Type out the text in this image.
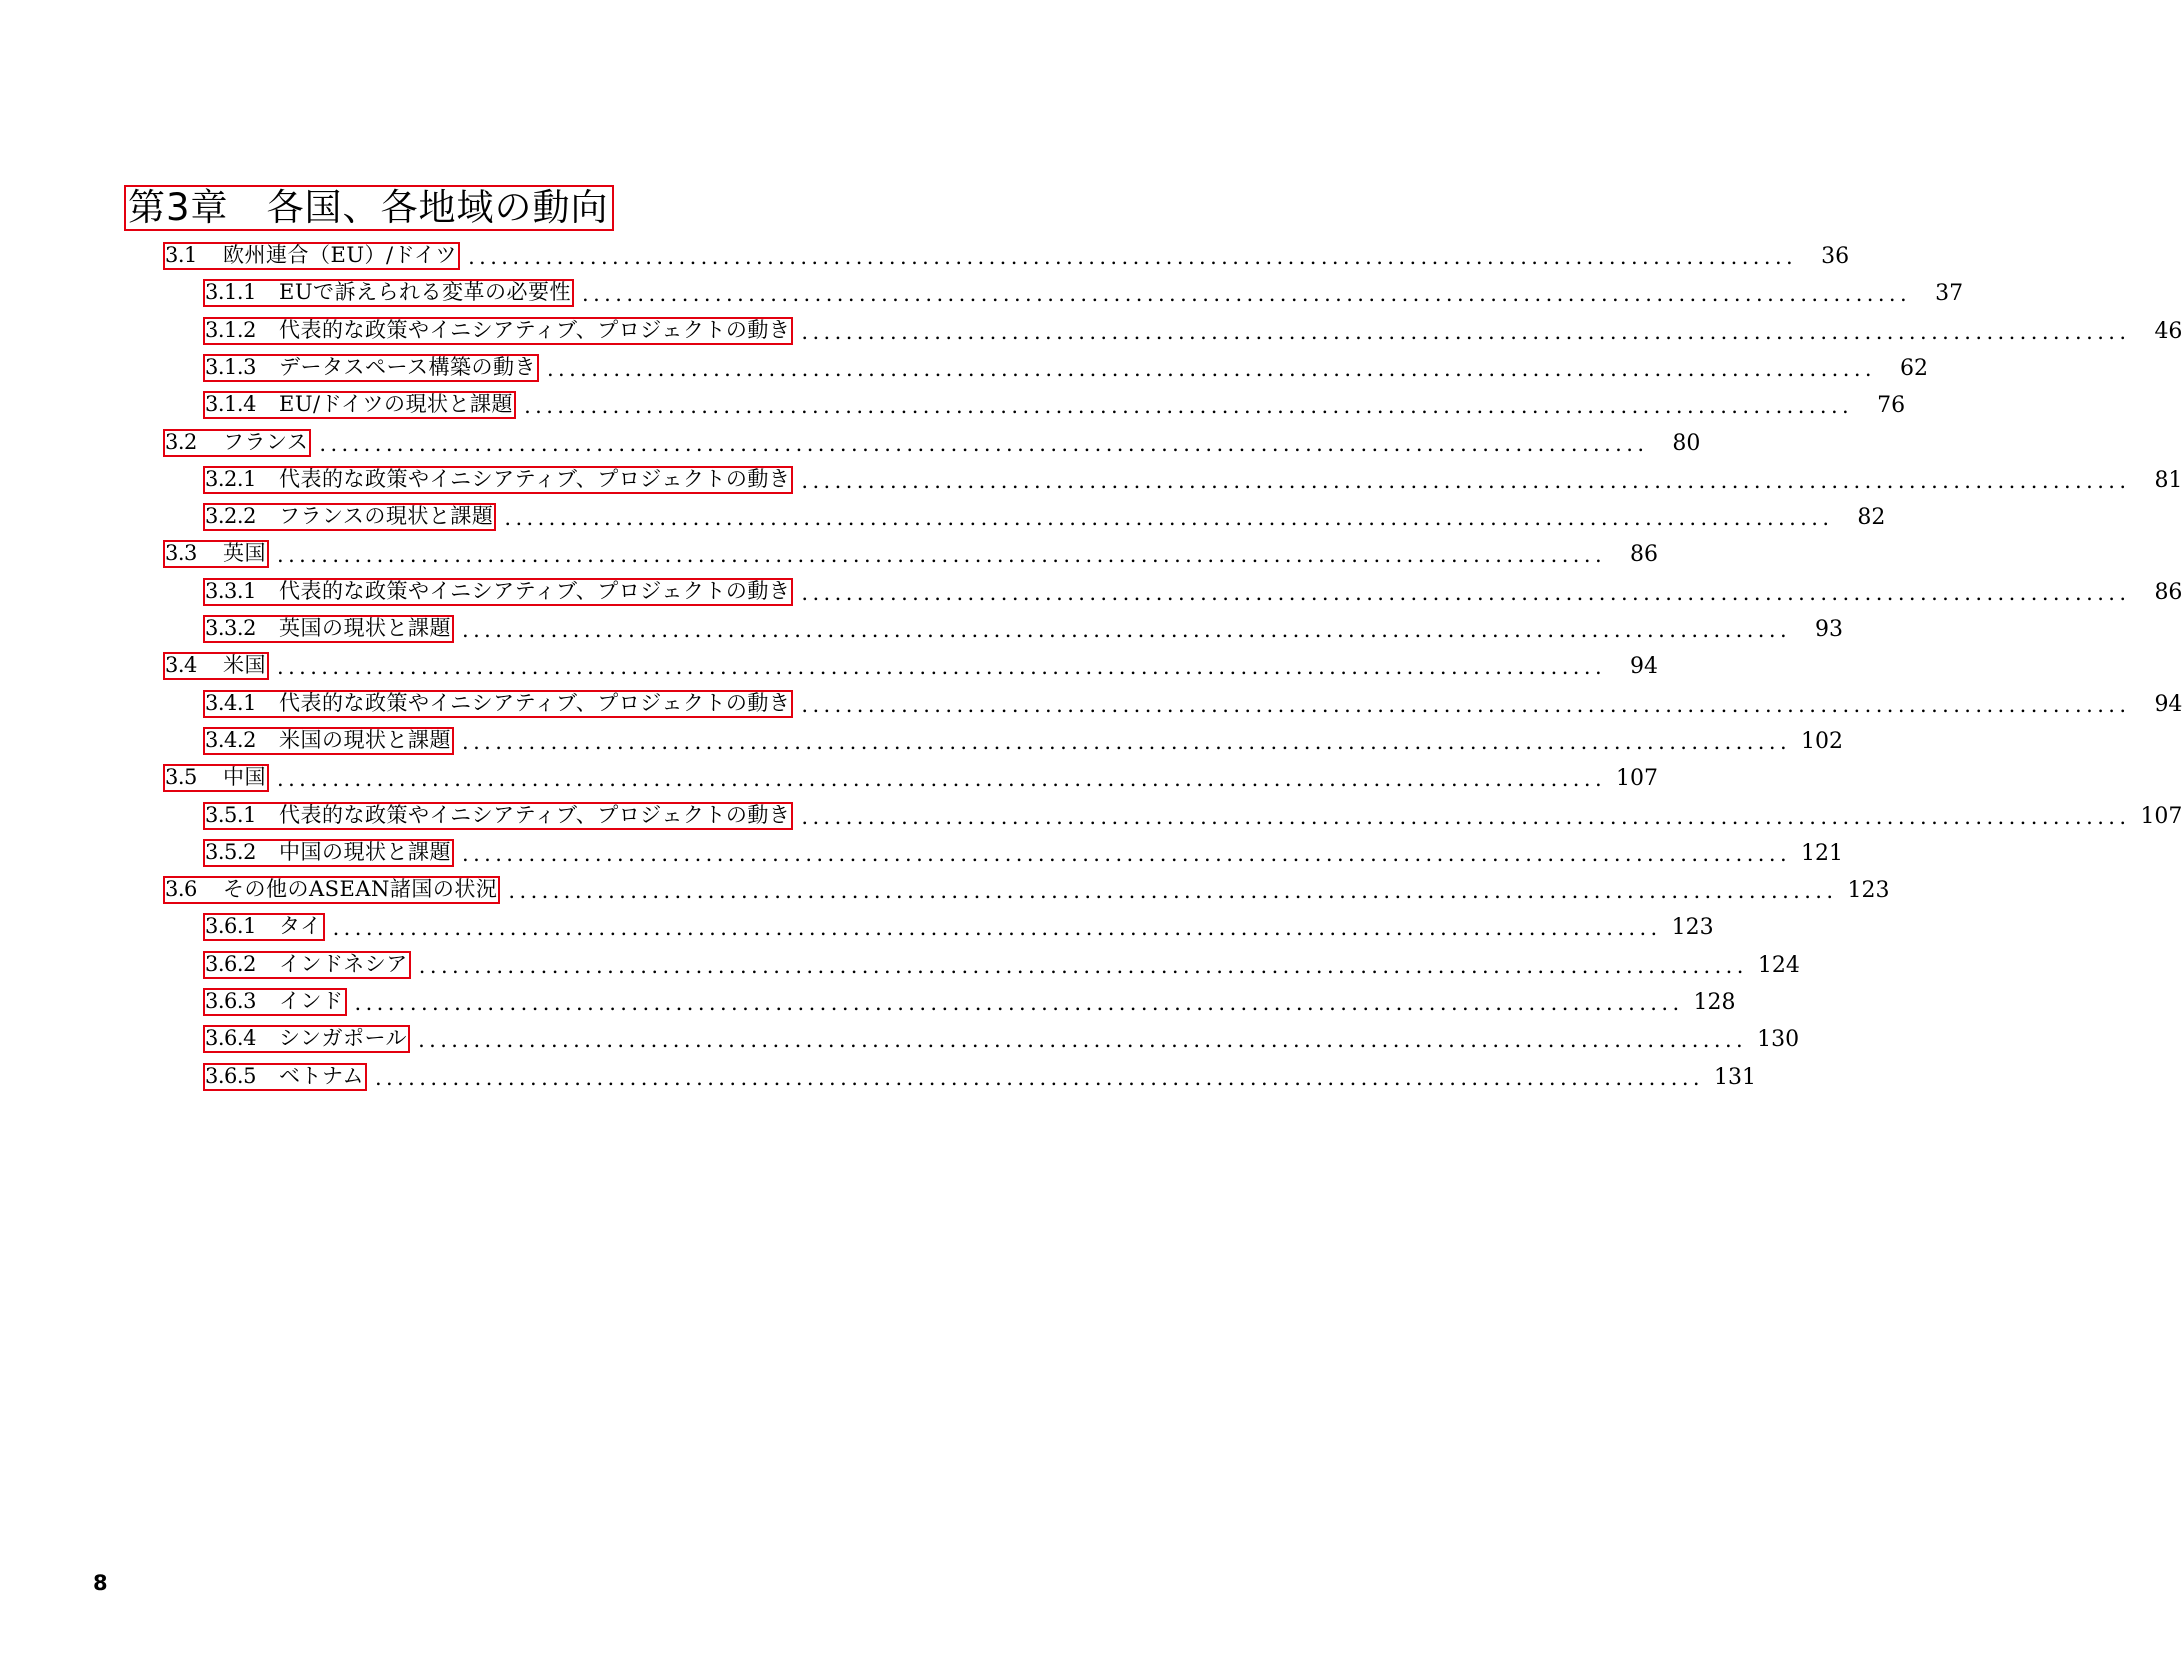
第3章　各国、各地域の動向
3.1	欧州連合（EU）/ドイツ ........................................................................................................................	36
3.1.1	EUで訴えられる変革の必要性 ........................................................................................................................	37
3.1.2	代表的な政策やイニシアティブ、プロジェクトの動き ........................................................................................................................	46
3.1.3	データスペース構築の動き ........................................................................................................................	62
3.1.4	EU/ドイツの現状と課題 ........................................................................................................................	76
3.2	フランス ........................................................................................................................	80
3.2.1	代表的な政策やイニシアティブ、プロジェクトの動き ........................................................................................................................	81
3.2.2	フランスの現状と課題 ........................................................................................................................	82
3.3	英国 ........................................................................................................................	86
3.3.1	代表的な政策やイニシアティブ、プロジェクトの動き ........................................................................................................................	86
3.3.2	英国の現状と課題 ........................................................................................................................	93
3.4	米国 ........................................................................................................................	94
3.4.1	代表的な政策やイニシアティブ、プロジェクトの動き ........................................................................................................................	94
3.4.2	米国の現状と課題 ........................................................................................................................ 102
3.5	中国 ........................................................................................................................ 107
3.5.1	代表的な政策やイニシアティブ、プロジェクトの動き ........................................................................................................................ 107
3.5.2	中国の現状と課題 ........................................................................................................................ 121
3.6	その他のASEAN諸国の状況 ........................................................................................................................ 123
3.6.1	タイ ........................................................................................................................ 123
3.6.2	インドネシア ........................................................................................................................ 124
3.6.3	インド ........................................................................................................................ 128
3.6.4	シンガポール ........................................................................................................................ 130
3.6.5	ベトナム ........................................................................................................................ 131
8
